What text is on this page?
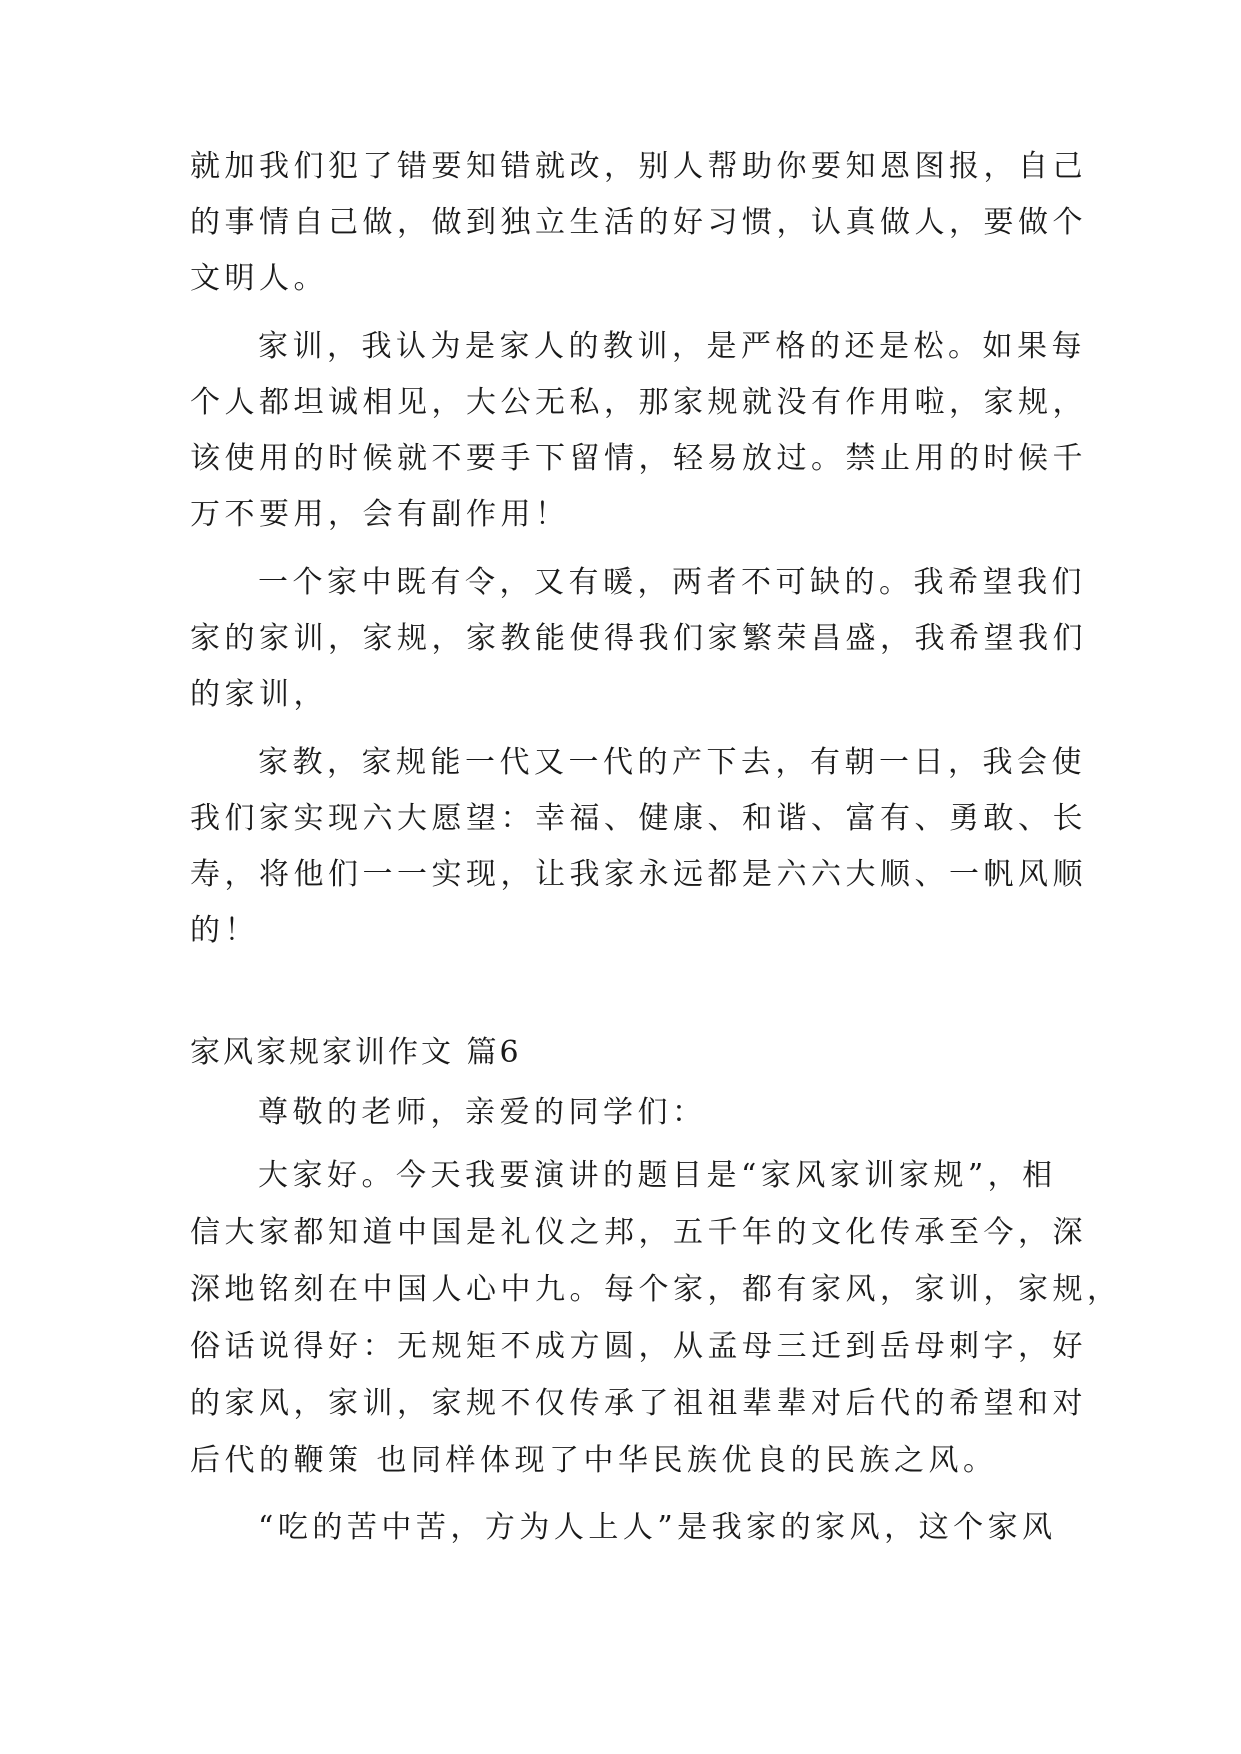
就加我们犯了错要知错就改，别人帮助你要知恩图报，自己

的事情自己做，做到独立生活的好习惯，认真做人，要做个

文明人。

家训，我认为是家人的教训，是严格的还是松。如果每

个人都坦诚相见，大公无私，那家规就没有作用啦，家规，

该使用的时候就不要手下留情，轻易放过。禁止用的时候千

万不要用，会有副作用！

一个家中既有令，又有暖，两者不可缺的。我希望我们

家的家训，家规，家教能使得我们家繁荣昌盛，我希望我们

的家训，

家教，家规能一代又一代的产下去，有朝一日，我会使

我们家实现六大愿望：幸福、健康、和谐、富有、勇敢、长

寿，将他们一一实现，让我家永远都是六六大顺、一帆风顺

的！

家风家规家训作文 篇6

尊敬的老师，亲爱的同学们：

大家好。今天我要演讲的题目是“家风家训家规”，相

信大家都知道中国是礼仪之邦，五千年的文化传承至今，深

深地铭刻在中国人心中九。每个家，都有家风，家训，家规，

俗话说得好：无规矩不成方圆，从孟母三迁到岳母刺字，好

的家风，家训，家规不仅传承了祖祖辈辈对后代的希望和对

后代的鞭策 也同样体现了中华民族优良的民族之风。

“吃的苦中苦，方为人上人”是我家的家风，这个家风
